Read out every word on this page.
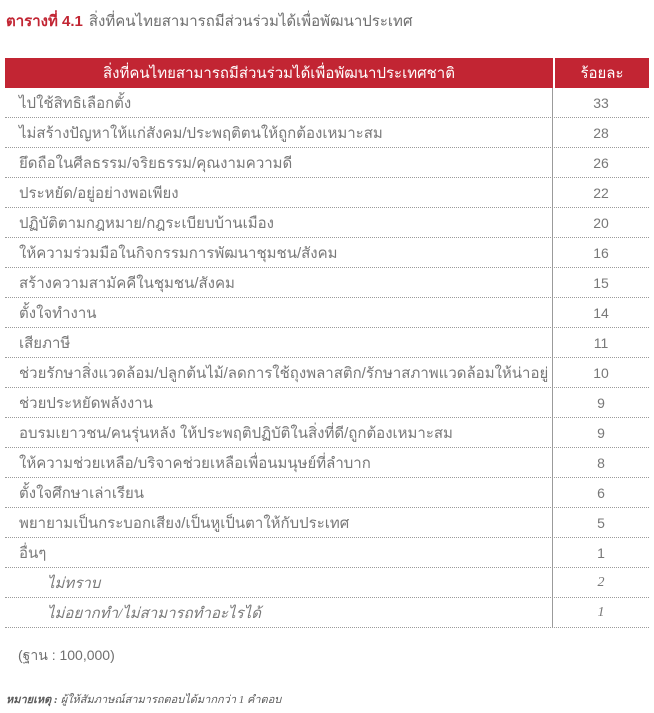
ตารางที่ 4.1 สิ่งที่คนไทยสามารถมีส่วนร่วมได้เพื่อพัฒนาประเทศ
สิ่งที่คนไทยสามารถมีส่วนร่วมได้เพื่อพัฒนาประเทศชาติ	ร้อยละ
ไปใช้สิทธิเลือกตั้ง	33
ไม่สร้างปัญหาให้แก่สังคม/ประพฤติตนให้ถูกต้องเหมาะสม	28
ยึดถือในศีลธรรม/จริยธรรม/คุณงามความดี	26
ประหยัด/อยู่อย่างพอเพียง	22
ปฏิบัติตามกฎหมาย/กฎระเบียบบ้านเมือง	20
ให้ความร่วมมือในกิจกรรมการพัฒนาชุมชน/สังคม	16
สร้างความสามัคคีในชุมชน/สังคม	15
ตั้งใจทำงาน	14
เสียภาษี	11
ช่วยรักษาสิ่งแวดล้อม/ปลูกต้นไม้/ลดการใช้ถุงพลาสติก/รักษาสภาพแวดล้อมให้น่าอยู่	10
ช่วยประหยัดพลังงาน	9
อบรมเยาวชน/คนรุ่นหลัง ให้ประพฤติปฏิบัติในสิ่งที่ดี/ถูกต้องเหมาะสม	9
ให้ความช่วยเหลือ/บริจาคช่วยเหลือเพื่อนมนุษย์ที่ลำบาก	8
ตั้งใจศึกษาเล่าเรียน	6
พยายามเป็นกระบอกเสียง/เป็นหูเป็นตาให้กับประเทศ	5
อื่นๆ	1
ไม่ทราบ	2
ไม่อยากทำ/ไม่สามารถทำอะไรได้	1
(ฐาน : 100,000)
หมายเหตุ : ผู้ให้สัมภาษณ์สามารถตอบได้มากกว่า 1 คำตอบ
